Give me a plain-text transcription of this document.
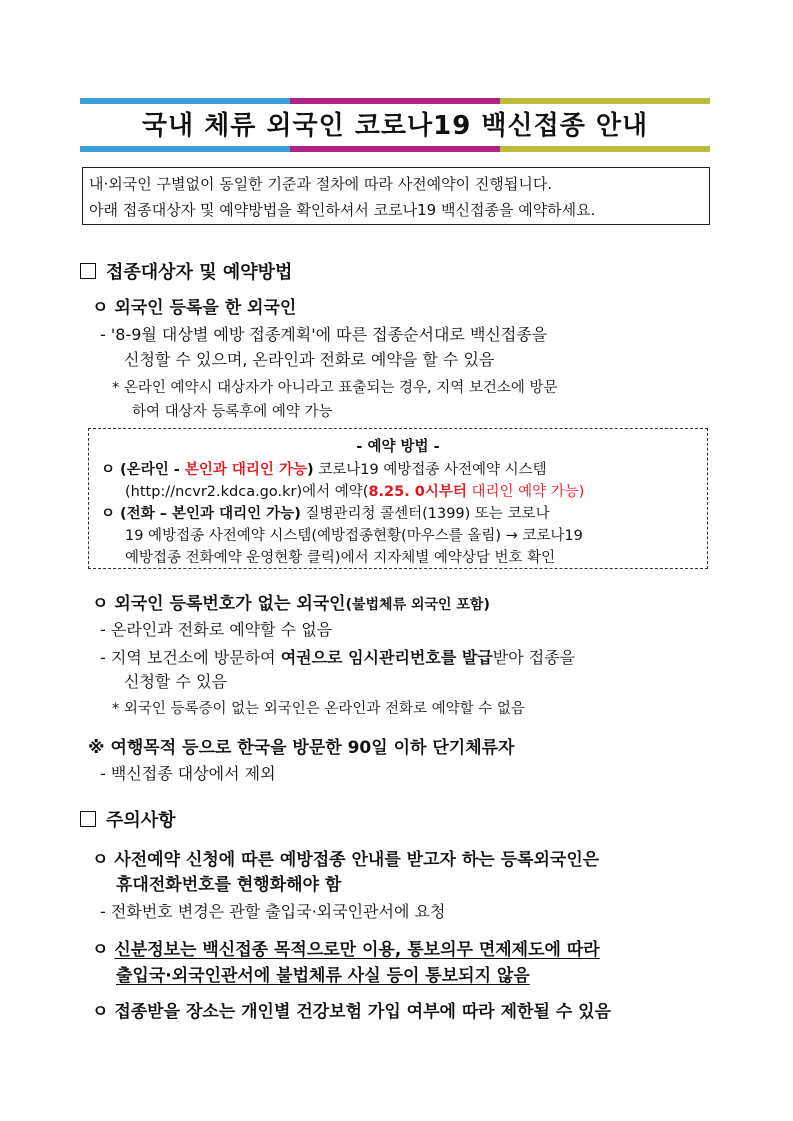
국내 체류 외국인 코로나19 백신접종 안내
내·외국인 구별없이 동일한 기준과 절차에 따라 사전예약이 진행됩니다.
아래 접종대상자 및 예약방법을 확인하셔서 코로나19 백신접종을 예약하세요.
접종대상자 및 예약방법
ㅇ 외국인 등록을 한 외국인
- '8-9월 대상별 예방 접종계획'에 따른 접종순서대로 백신접종을
신청할 수 있으며, 온라인과 전화로 예약을 할 수 있음
* 온라인 예약시 대상자가 아니라고 표출되는 경우, 지역 보건소에 방문
하여 대상자 등록후에 예약 가능
- 예약 방법 -
ㅇ (온라인 - 본인과 대리인 가능) 코로나19 예방접종 사전예약 시스템
(http://ncvr2.kdca.go.kr)에서 예약(8.25. 0시부터 대리인 예약 가능)
ㅇ (전화 – 본인과 대리인 가능) 질병관리청 콜센터(1399) 또는 코로나
19 예방접종 사전예약 시스템(예방접종현황(마우스를 올림) → 코로나19
예방접종 전화예약 운영현황 클릭)에서 지자체별 예약상담 번호 확인
ㅇ 외국인 등록번호가 없는 외국인(불법체류 외국인 포함)
- 온라인과 전화로 예약할 수 없음
- 지역 보건소에 방문하여 여권으로 임시관리번호를 발급받아 접종을
신청할 수 있음
* 외국인 등록증이 없는 외국인은 온라인과 전화로 예약할 수 없음
※ 여행목적 등으로 한국을 방문한 90일 이하 단기체류자
- 백신접종 대상에서 제외
주의사항
ㅇ 사전예약 신청에 따른 예방접종 안내를 받고자 하는 등록외국인은
휴대전화번호를 현행화해야 함
- 전화번호 변경은 관할 출입국·외국인관서에 요청
ㅇ 신분정보는 백신접종 목적으로만 이용, 통보의무 면제제도에 따라
출입국·외국인관서에 불법체류 사실 등이 통보되지 않음
ㅇ 접종받을 장소는 개인별 건강보험 가입 여부에 따라 제한될 수 있음
